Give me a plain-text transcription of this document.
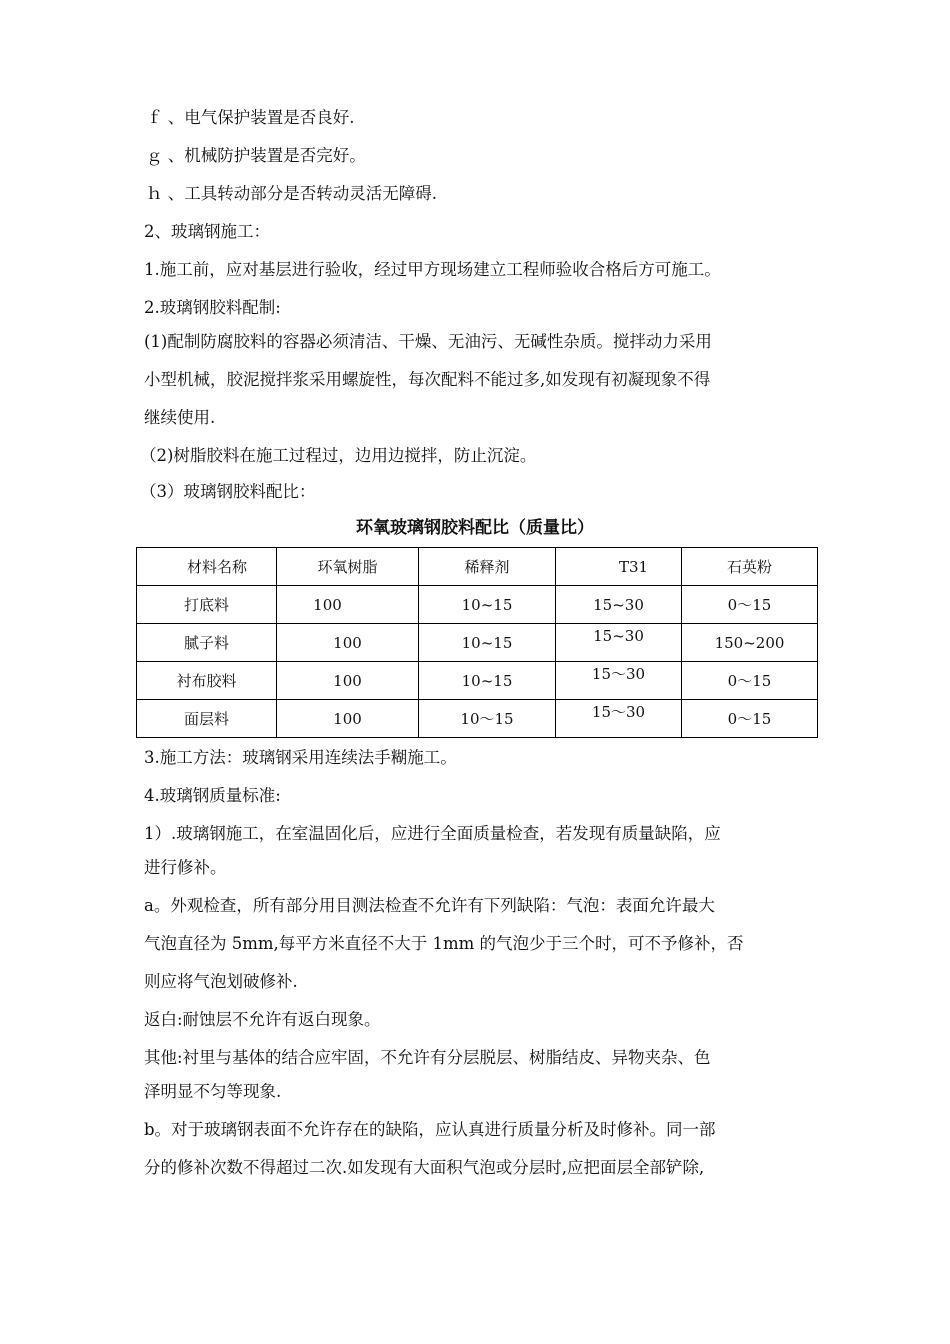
ｆ 、电气保护装置是否良好.
ｇ 、机械防护装置是否完好。
ｈ 、工具转动部分是否转动灵活无障碍.
2、玻璃钢施工：
1.施工前，应对基层进行验收，经过甲方现场建立工程师验收合格后方可施工。
2.玻璃钢胶料配制:
(1)配制防腐胶料的容器必须清洁、干燥、无油污、无碱性杂质。搅拌动力采用
小型机械，胶泥搅拌浆采用螺旋性，每次配料不能过多,如发现有初凝现象不得
继续使用.
（2)树脂胶料在施工过程过，边用边搅拌，防止沉淀。
（3）玻璃钢胶料配比：
环氧玻璃钢胶料配比（质量比）
材料名称	环氧树脂	稀释剂	T31	石英粉
打底料	100	10~15	15~30	0～15
腻子料	100	10~15	15~30	150~200
衬布胶料	100	10~15	15～30	0～15
面层料	100	10～15	15～30	0～15
3.施工方法：玻璃钢采用连续法手糊施工。
4.玻璃钢质量标准:
1）.玻璃钢施工，在室温固化后，应进行全面质量检查，若发现有质量缺陷，应
进行修补。
a。外观检查，所有部分用目测法检查不允许有下列缺陷：气泡：表面允许最大
气泡直径为 5mm,每平方米直径不大于 1mm 的气泡少于三个时，可不予修补，否
则应将气泡划破修补.
返白:耐蚀层不允许有返白现象。
其他:衬里与基体的结合应牢固，不允许有分层脱层、树脂结皮、异物夹杂、色
泽明显不匀等现象.
b。对于玻璃钢表面不允许存在的缺陷，应认真进行质量分析及时修补。同一部
分的修补次数不得超过二次.如发现有大面积气泡或分层时,应把面层全部铲除,
